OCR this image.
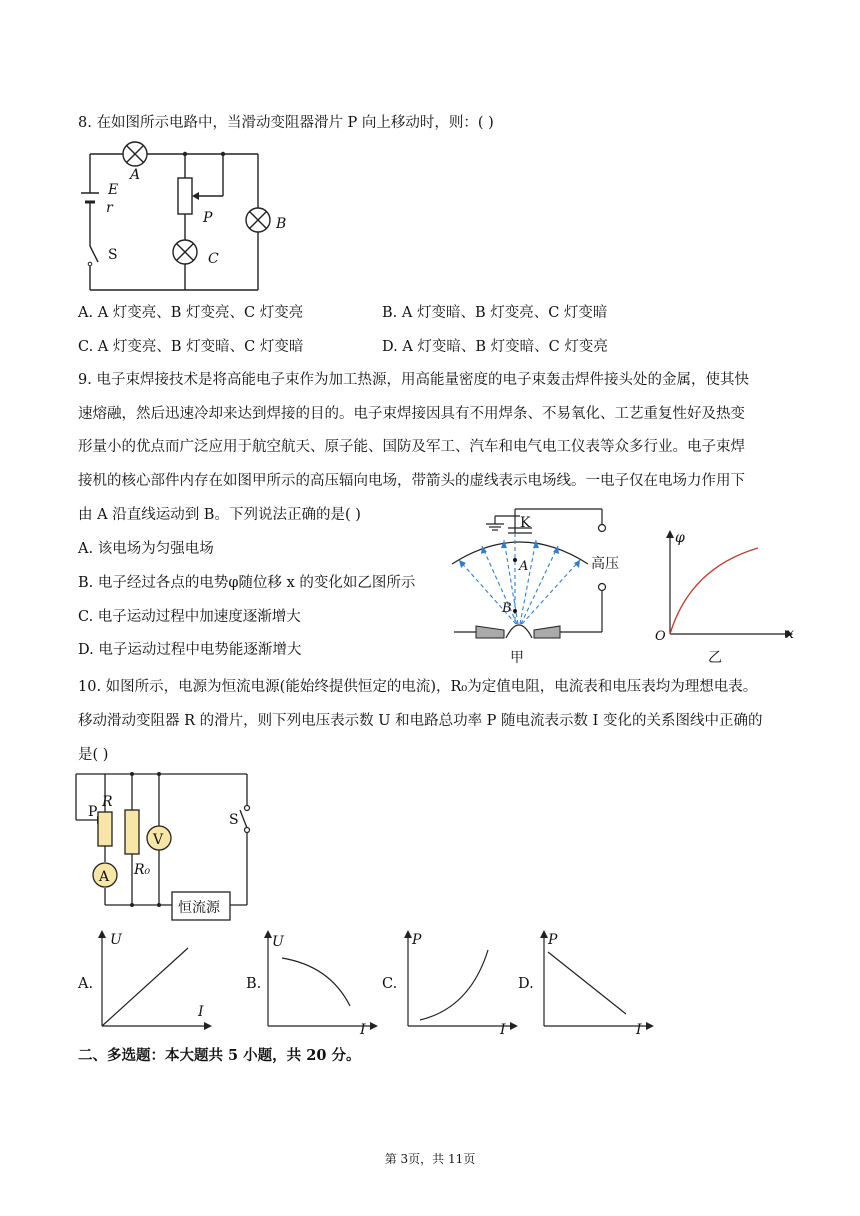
8. 在如图所示电路中，当滑动变阻器滑片 P 向上移动时，则：( )
A
B
C
E
r
P
S
A. A 灯变亮、B 灯变亮、C 灯变亮	B. A 灯变暗、B 灯变亮、C 灯变暗
C. A 灯变亮、B 灯变暗、C 灯变暗	D. A 灯变暗、B 灯变暗、C 灯变亮
9. 电子束焊接技术是将高能电子束作为加工热源，用高能量密度的电子束轰击焊件接头处的金属，使其快
速熔融，然后迅速冷却来达到焊接的目的。电子束焊接因具有不用焊条、不易氧化、工艺重复性好及热变
形量小的优点而广泛应用于航空航天、原子能、国防及军工、汽车和电气电工仪表等众多行业。电子束焊
接机的核心部件内存在如图甲所示的高压辐向电场，带箭头的虚线表示电场线。一电子仅在电场力作用下
由 A 沿直线运动到 B。下列说法正确的是( )
A. 该电场为匀强电场
B. 电子经过各点的电势φ随位移 x 的变化如乙图所示
C. 电子运动过程中加速度逐渐增大
D. 电子运动过程中电势能逐渐增大
K
高压
A
B
甲
φ
O	x
乙
10. 如图所示，电源为恒流电源(能始终提供恒定的电流)，R₀为定值电阻，电流表和电压表均为理想电表。
移动滑动变阻器 R 的滑片，则下列电压表示数 U 和电路总功率 P 随电流表示数 I 变化的关系图线中正确的
是( )
V
A
恒流源
P
R
R₀
S
A.
U
I
B.
U
I
C.
P
I
D.
P
I
二、多选题：本大题共 5 小题，共 20 分。
第 3页，共 11页
